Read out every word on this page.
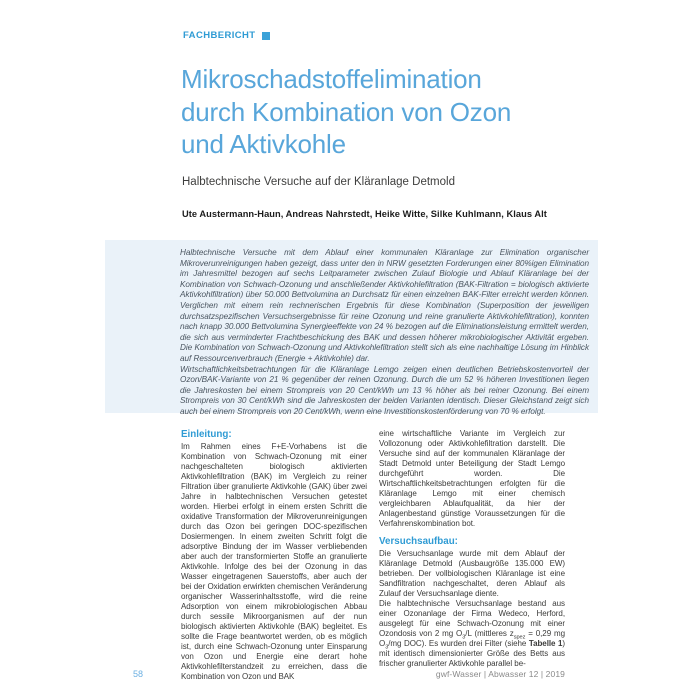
FACHBERICHT
Mikroschadstoffelimination
durch Kombination von Ozon
und Aktivkohle
Halbtechnische Versuche auf der Kläranlage Detmold
Ute Austermann-Haun, Andreas Nahrstedt, Heike Witte, Silke Kuhlmann, Klaus Alt

Halbtechnische Versuche mit dem Ablauf einer kommunalen Kläranlage zur Elimination organischer Mikroverunreinigungen haben gezeigt, dass unter den in NRW gesetzten Forderungen einer 80%igen Elimination im Jahresmittel bezogen auf sechs Leitparameter zwischen Zulauf Biologie und Ablauf Kläranlage bei der Kombination von Schwach-Ozonung und anschließender Aktivkohlefiltration (BAK-Filtration = biologisch aktivierte Aktivkohlfiltration) über 50.000 Bettvolumina an Durchsatz für einen einzelnen BAK-Filter erreicht werden können. Verglichen mit einem rein rechnerischen Ergebnis für diese Kombination (Superposition der jeweiligen durchsatzspezifischen Versuchsergebnisse für reine Ozonung und reine granulierte Aktivkohlefiltration), konnten nach knapp 30.000 Bettvolumina Synergieeffekte von 24 % bezogen auf die Eliminationsleistung ermittelt werden, die sich aus verminderter Frachtbeschickung des BAK und dessen höherer mikrobiologischer Aktivität ergeben. Die Kombination von Schwach-Ozonung und Aktivkohlefiltration stellt sich als eine nachhaltige Lösung im Hinblick auf Ressourcenverbrauch (Energie + Aktivkohle) dar.

Wirtschaftlichkeitsbetrachtungen für die Kläranlage Lemgo zeigen einen deutlichen Betriebskostenvorteil der Ozon/BAK-Variante von 21 % gegenüber der reinen Ozonung. Durch die um 52 % höheren Investitionen liegen die Jahreskosten bei einem Strompreis von 20 Cent/kWh um 13 % höher als bei reiner Ozonung. Bei einem Strompreis von 30 Cent/kWh sind die Jahreskosten der beiden Varianten identisch. Dieser Gleichstand zeigt sich auch bei einem Strompreis von 20 Cent/kWh, wenn eine Investitionskostenförderung von 70 % erfolgt.

Einleitung:

Im Rahmen eines F+E-Vorhabens ist die Kombination von Schwach-Ozonung mit einer nachgeschalteten biologisch aktivierten Aktivkohlefiltration (BAK) im Vergleich zu reiner Filtration über granulierte Aktivkohle (GAK) über zwei Jahre in halbtechnischen Versuchen getestet worden. Hierbei erfolgt in einem ersten Schritt die oxidative Transformation der Mikroverunreinigungen durch das Ozon bei geringen DOC-spezifischen Dosiermengen. In einem zweiten Schritt folgt die adsorptive Bindung der im Wasser verbliebenden aber auch der transformierten Stoffe an granulierte Aktivkohle. Infolge des bei der Ozonung in das Wasser eingetragenen Sauerstoffs, aber auch der bei der Oxidation erwirkten chemischen Veränderung organischer Wasserinhaltsstoffe, wird die reine Adsorption von einem mikrobiologischen Abbau durch sessile Mikroorganismen auf der nun biologisch aktivierten Aktivkohle (BAK) begleitet. Es sollte die Frage beantwortet werden, ob es möglich ist, durch eine Schwach-Ozonung unter Einsparung von Ozon und Energie eine derart hohe Aktivkohlefilterstandzeit zu erreichen, dass die Kombination von Ozon und BAK

eine wirtschaftliche Variante im Vergleich zur Vollozonung oder Aktivkohlefiltration darstellt. Die Versuche sind auf der kommunalen Kläranlage der Stadt Detmold unter Beteiligung der Stadt Lemgo durchgeführt worden. Die Wirtschaftlichkeitsbetrachtungen erfolgten für die Kläranlage Lemgo mit einer chemisch vergleichbaren Ablaufqualität, da hier der Anlagenbestand günstige Voraussetzungen für die Verfahrenskombination bot.

Versuchsaufbau:

Die Versuchsanlage wurde mit dem Ablauf der Kläranlage Detmold (Ausbaugröße 135.000 EW) betrieben. Der vollbiologischen Kläranlage ist eine Sandfiltration nachgeschaltet, deren Ablauf als Zulauf der Versuchsanlage diente.

Die halbtechnische Versuchsanlage bestand aus einer Ozonanlage der Firma Wedeco, Herford, ausgelegt für eine Schwach-Ozonung mit einer Ozondosis von 2 mg $O_3/L$ (mittleres $z_{spez} = 0,29$ mg $O_3/mg$ DOC). Es wurden drei Filter (siehe Tabelle 1) mit identisch dimensionierter Größe des Betts aus frischer granulierter Aktivkohle parallel be-

58	gwf-Wasser | Abwasser 12 | 2019
